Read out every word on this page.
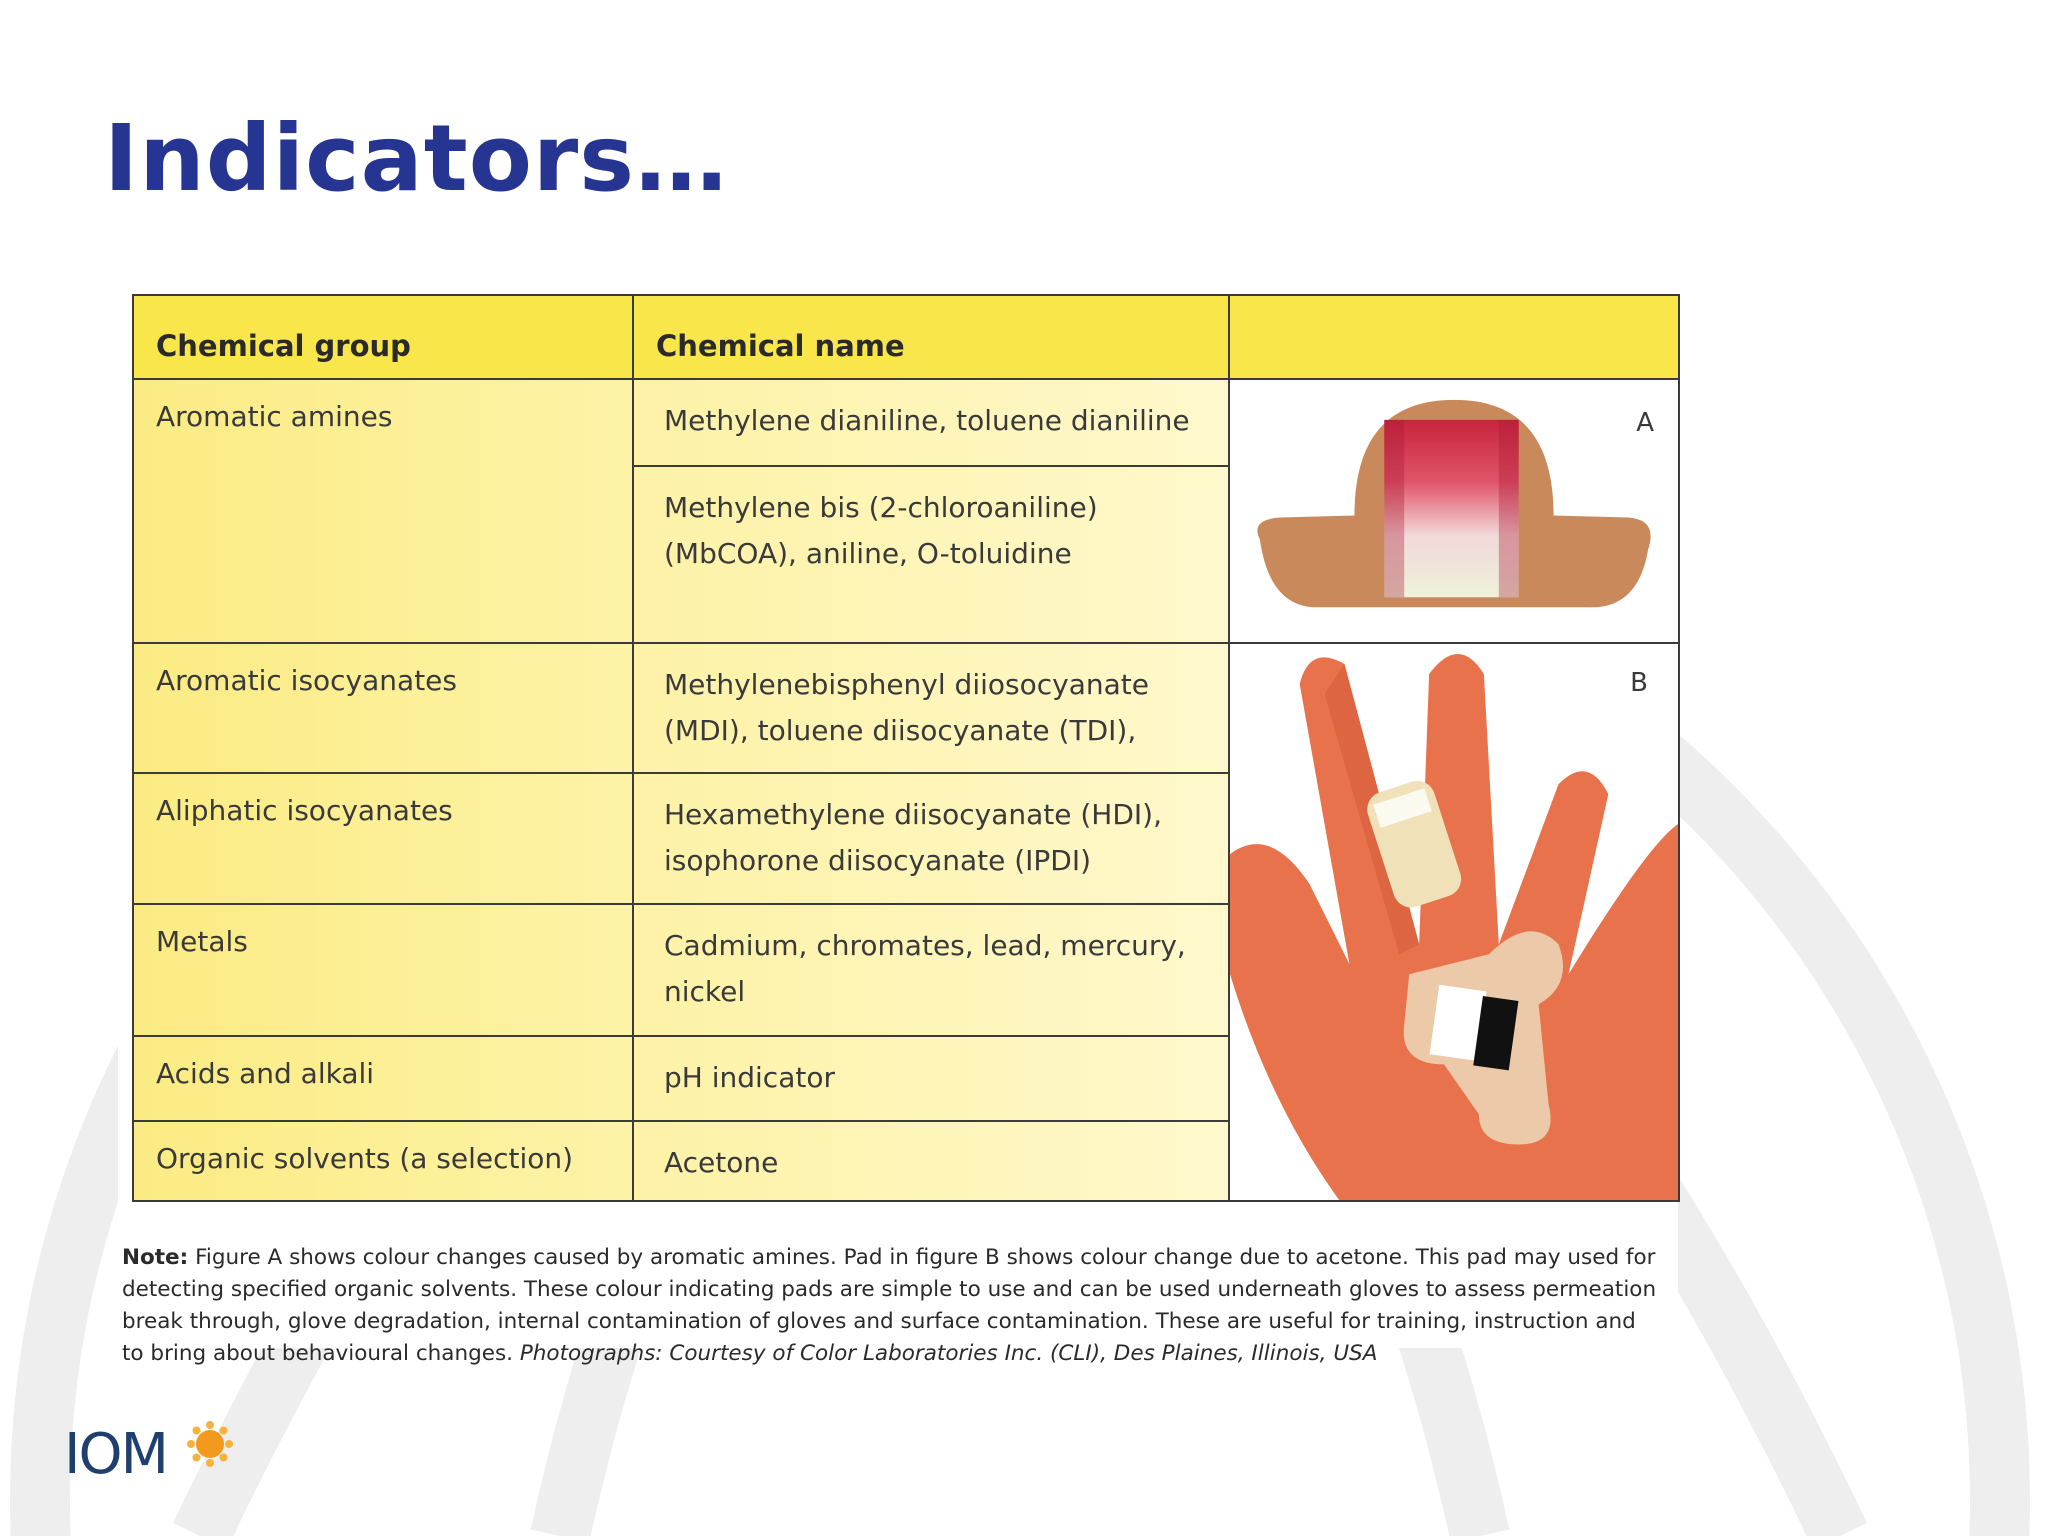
Indicators…
Chemical group	Chemical name	
Aromatic amines	Methylene dianiline, toluene dianiline	A

	Methylene bis (2-chloroaniline) (MbCOA), aniline, O-toluidine	
Aromatic isocyanates	Methylenebisphenyl diiosocyanate (MDI), toluene diisocyanate (TDI),	B

Aliphatic isocyanates	Hexamethylene diisocyanate (HDI), isophorone diisocyanate (IPDI)	
Metals	Cadmium, chromates, lead, mercury, nickel	
Acids and alkali	pH indicator	
Organic solvents (a selection)	Acetone	

Note: Figure A shows colour changes caused by aromatic amines. Pad in figure B shows colour change due to acetone. This pad may used for detecting specified organic solvents. These colour indicating pads are simple to use and can be used underneath gloves to assess permeation break through, glove degradation, internal contamination of gloves and surface contamination. These are useful for training, instruction and to bring about behavioural changes. Photographs: Courtesy of Color Laboratories Inc. (CLI), Des Plaines, Illinois, USA

IOM
